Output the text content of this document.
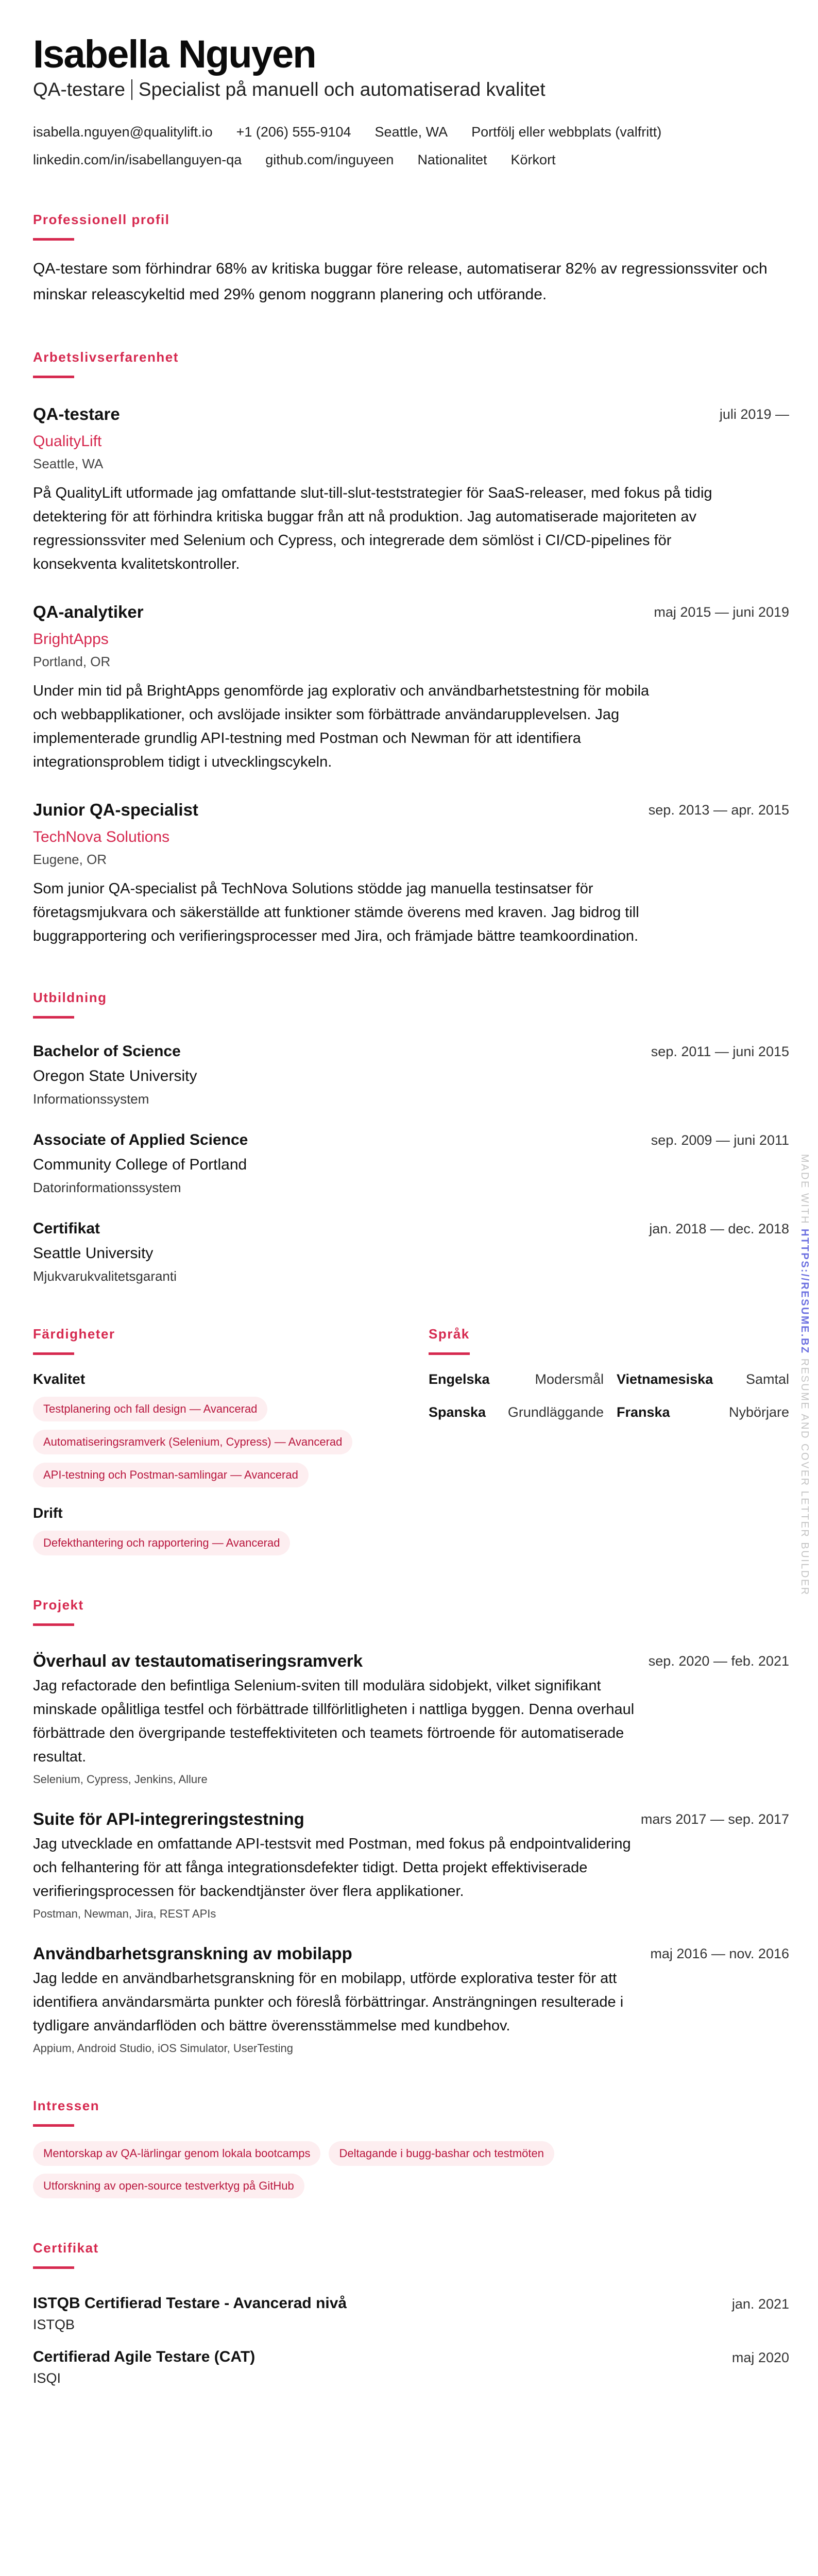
Isabella Nguyen
QA-testare Specialist på manuell och automatiserad kvalitet
isabella.nguyen@qualitylift.io +1 (206) 555-9104 Seattle, WA Portfölj eller webbplats (valfritt)
linkedin.com/in/isabellanguyen-qa github.com/inguyeen Nationalitet Körkort
Professionell profil

QA-testare som förhindrar 68% av kritiska buggar före release, automatiserar 82% av regressionssviter och minskar releascykeltid med 29% genom noggrann planering och utförande.

Arbetslivserfarenhet
QA-testare
QualityLift
Seattle, WA

På QualityLift utformade jag omfattande slut-till-slut-teststrategier för SaaS-releaser, med fokus på tidig detektering för att förhindra kritiska buggar från att nå produktion. Jag automatiserade majoriteten av regressionssviter med Selenium och Cypress, och integrerade dem sömlöst i CI/CD-pipelines för konsekventa kvalitetskontroller.

juli 2019 —
QA-analytiker
BrightApps
Portland, OR

Under min tid på BrightApps genomförde jag explorativ och användbarhetstestning för mobila och webbapplikationer, och avslöjade insikter som förbättrade användarupplevelsen. Jag implementerade grundlig API-testning med Postman och Newman för att identifiera integrationsproblem tidigt i utvecklingscykeln.

maj 2015 — juni 2019
Junior QA-specialist
TechNova Solutions
Eugene, OR

Som junior QA-specialist på TechNova Solutions stödde jag manuella testinsatser för företagsmjukvara och säkerställde att funktioner stämde överens med kraven. Jag bidrog till buggrapportering och verifieringsprocesser med Jira, och främjade bättre teamkoordination.

sep. 2013 — apr. 2015
Utbildning
Bachelor of Science
Oregon State University
Informationssystem
sep. 2011 — juni 2015
Associate of Applied Science
Community College of Portland
Datorinformationssystem
sep. 2009 — juni 2011
Certifikat
Seattle University
Mjukvarukvalitetsgaranti
jan. 2018 — dec. 2018
Färdigheter
Kvalitet
Testplanering och fall design — Avancerad
Automatiseringsramverk (Selenium, Cypress) — Avancerad
API-testning och Postman-samlingar — Avancerad
Drift
Defekthantering och rapportering — Avancerad
Språk
Engelska	Modersmål Vietnamesiska	Samtal
Spanska	Grundläggande Franska	Nybörjare
Projekt
Överhaul av testautomatiseringsramverk

Jag refactorade den befintliga Selenium-sviten till modulära sidobjekt, vilket signifikant minskade opålitliga testfel och förbättrade tillförlitligheten i nattliga byggen. Denna overhaul förbättrade den övergripande testeffektiviteten och teamets förtroende för automatiserade resultat.

Selenium, Cypress, Jenkins, Allure
sep. 2020 — feb. 2021
Suite för API-integreringstestning

Jag utvecklade en omfattande API-testsvit med Postman, med fokus på endpointvalidering och felhantering för att fånga integrationsdefekter tidigt. Detta projekt effektiviserade verifieringsprocessen för backendtjänster över flera applikationer.

Postman, Newman, Jira, REST APIs
mars 2017 — sep. 2017
Användbarhetsgranskning av mobilapp

Jag ledde en användbarhetsgranskning för en mobilapp, utförde explorativa tester för att identifiera användarsmärta punkter och föreslå förbättringar. Ansträngningen resulterade i tydligare användarflöden och bättre överensstämmelse med kundbehov.

Appium, Android Studio, iOS Simulator, UserTesting
maj 2016 — nov. 2016
Intressen
Mentorskap av QA-lärlingar genom lokala bootcamps	Deltagande i bugg-bashar och testmöten
Utforskning av open-source testverktyg på GitHub
Certifikat
ISTQB Certifierad Testare - Avancerad nivå
ISTQB
jan. 2021
Certifierad Agile Testare (CAT)
ISQI
maj 2020
MADE WITH HTTPS://RESUME.BZ RESUME AND COVER LETTER BUILDER
